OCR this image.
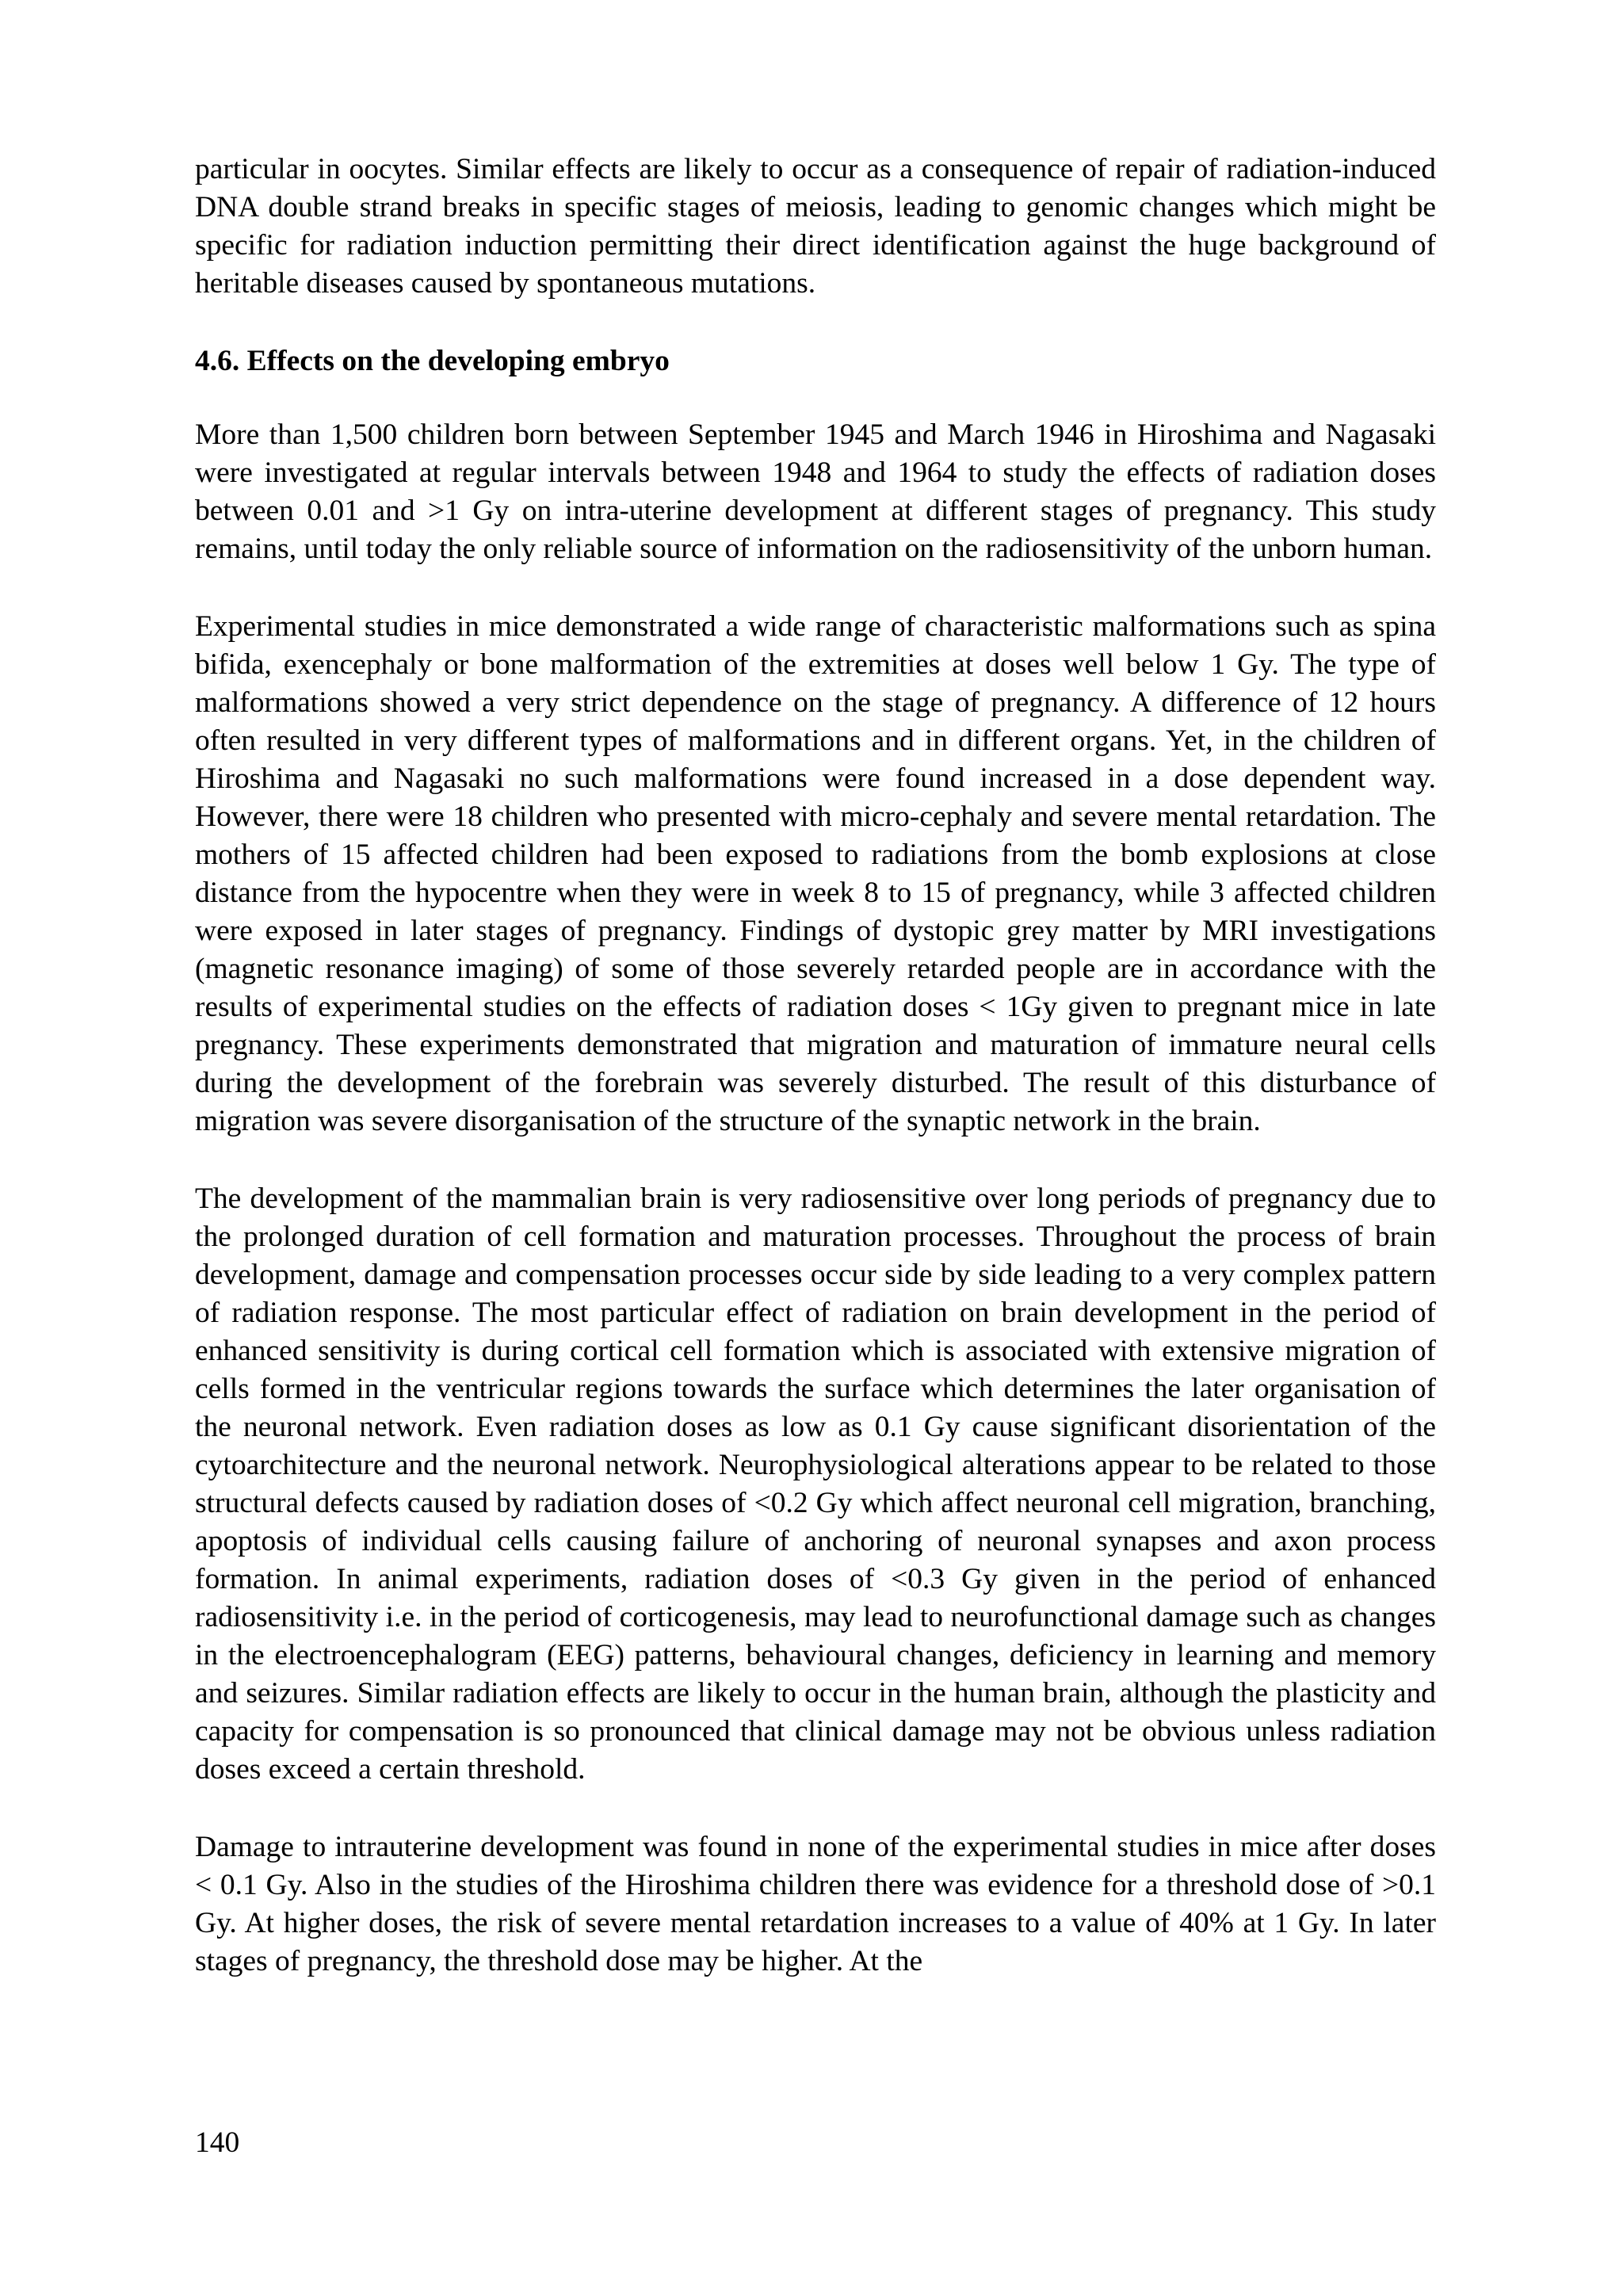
particular in oocytes. Similar effects are likely to occur as a consequence of repair of radiation-induced DNA double strand breaks in specific stages of meiosis, leading to genomic changes which might be specific for radiation induction permitting their direct identification against the huge background of heritable diseases caused by spontaneous mutations.

4.6. Effects on the developing embryo

More than 1,500 children born between September 1945 and March 1946 in Hiroshima and Nagasaki were investigated at regular intervals between 1948 and 1964 to study the effects of radiation doses between 0.01 and >1 Gy on intra-uterine development at different stages of pregnancy. This study remains, until today the only reliable source of information on the radiosensitivity of the unborn human.

Experimental studies in mice demonstrated a wide range of characteristic malformations such as spina bifida, exencephaly or bone malformation of the extremities at doses well below 1 Gy. The type of malformations showed a very strict dependence on the stage of pregnancy. A difference of 12 hours often resulted in very different types of malformations and in different organs. Yet, in the children of Hiroshima and Nagasaki no such malformations were found increased in a dose dependent way. However, there were 18 children who presented with micro-cephaly and severe mental retardation. The mothers of 15 affected children had been exposed to radiations from the bomb explosions at close distance from the hypocentre when they were in week 8 to 15 of pregnancy, while 3 affected children were exposed in later stages of pregnancy. Findings of dystopic grey matter by MRI investigations (magnetic resonance imaging) of some of those severely retarded people are in accordance with the results of experimental studies on the effects of radiation doses < 1Gy given to pregnant mice in late pregnancy. These experiments demonstrated that migration and maturation of immature neural cells during the development of the forebrain was severely disturbed. The result of this disturbance of migration was severe disorganisation of the structure of the synaptic network in the brain.

The development of the mammalian brain is very radiosensitive over long periods of pregnancy due to the prolonged duration of cell formation and maturation processes. Throughout the process of brain development, damage and compensation processes occur side by side leading to a very complex pattern of radiation response. The most particular effect of radiation on brain development in the period of enhanced sensitivity is during cortical cell formation which is associated with extensive migration of cells formed in the ventricular regions towards the surface which determines the later organisation of the neuronal network. Even radiation doses as low as 0.1 Gy cause significant disorientation of the cytoarchitecture and the neuronal network. Neurophysiological alterations appear to be related to those structural defects caused by radiation doses of <0.2 Gy which affect neuronal cell migration, branching, apoptosis of individual cells causing failure of anchoring of neuronal synapses and axon process formation. In animal experiments, radiation doses of <0.3 Gy given in the period of enhanced radiosensitivity i.e. in the period of corticogenesis, may lead to neurofunctional damage such as changes in the electroencephalogram (EEG) patterns, behavioural changes, deficiency in learning and memory and seizures. Similar radiation effects are likely to occur in the human brain, although the plasticity and capacity for compensation is so pronounced that clinical damage may not be obvious unless radiation doses exceed a certain threshold.

Damage to intrauterine development was found in none of the experimental studies in mice after doses < 0.1 Gy. Also in the studies of the Hiroshima children there was evidence for a threshold dose of >0.1 Gy. At higher doses, the risk of severe mental retardation increases to a value of 40% at 1 Gy. In later stages of pregnancy, the threshold dose may be higher. At the

140
